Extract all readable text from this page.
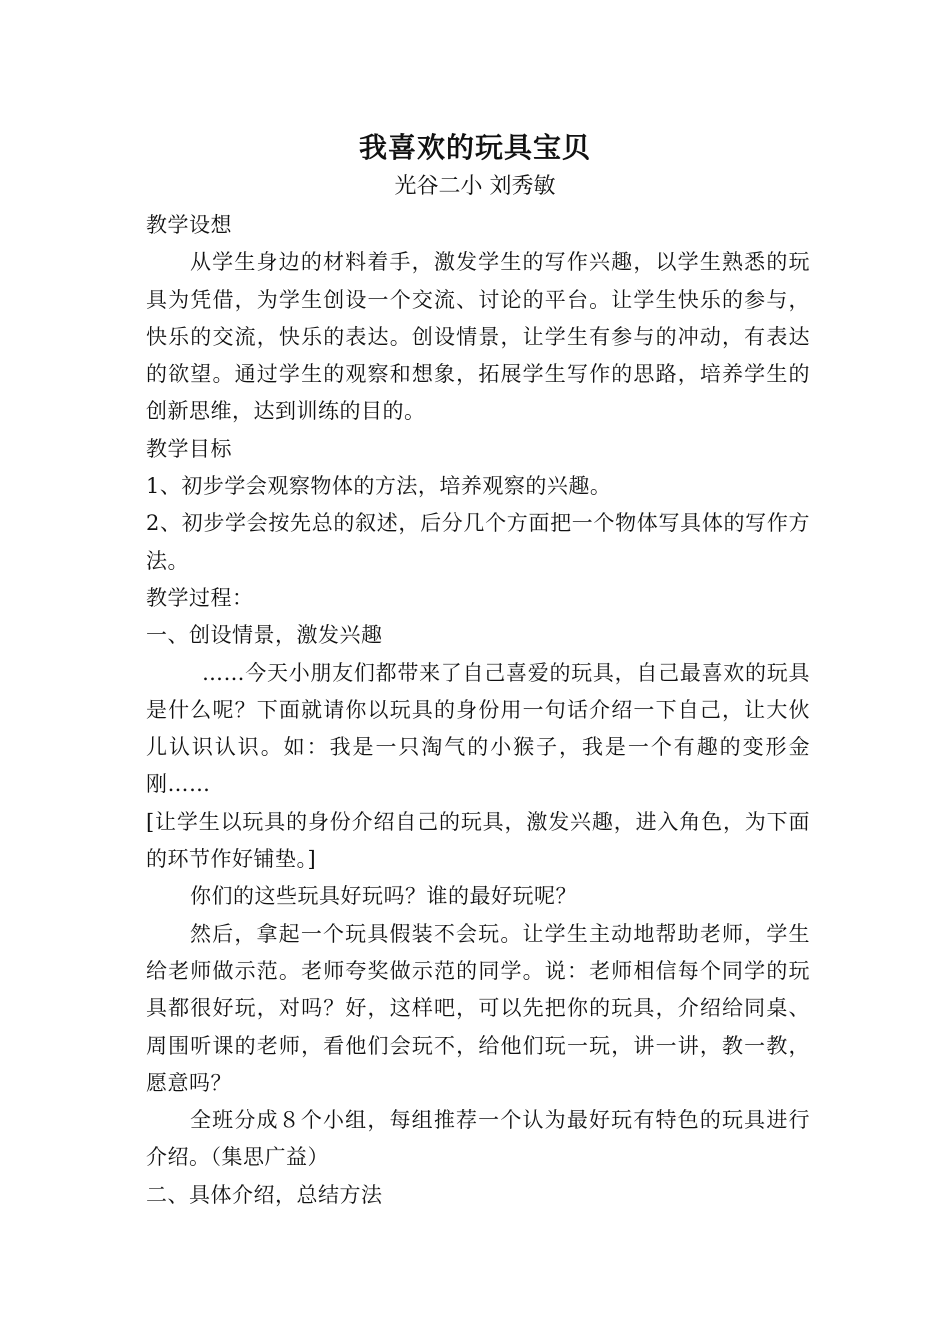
我喜欢的玩具宝贝
光谷二小 刘秀敏

教学设想

从学生身边的材料着手，激发学生的写作兴趣，以学生熟悉的玩具为凭借，为学生创设一个交流、讨论的平台。让学生快乐的参与，快乐的交流，快乐的表达。创设情景，让学生有参与的冲动，有表达的欲望。通过学生的观察和想象，拓展学生写作的思路，培养学生的创新思维，达到训练的目的。

教学目标

1、初步学会观察物体的方法，培养观察的兴趣。

2、初步学会按先总的叙述，后分几个方面把一个物体写具体的写作方法。

教学过程：

一、创设情景，激发兴趣

……今天小朋友们都带来了自己喜爱的玩具，自己最喜欢的玩具是什么呢？下面就请你以玩具的身份用一句话介绍一下自己，让大伙儿认识认识。如：我是一只淘气的小猴子，我是一个有趣的变形金刚……

[让学生以玩具的身份介绍自己的玩具，激发兴趣，进入角色，为下面的环节作好铺垫。]

你们的这些玩具好玩吗？谁的最好玩呢？

然后，拿起一个玩具假装不会玩。让学生主动地帮助老师，学生给老师做示范。老师夸奖做示范的同学。说：老师相信每个同学的玩具都很好玩，对吗？好，这样吧，可以先把你的玩具，介绍给同桌、周围听课的老师，看他们会玩不，给他们玩一玩，讲一讲，教一教，愿意吗？

全班分成８个小组，每组推荐一个认为最好玩有特色的玩具进行介绍。（集思广益）

二、具体介绍，总结方法
